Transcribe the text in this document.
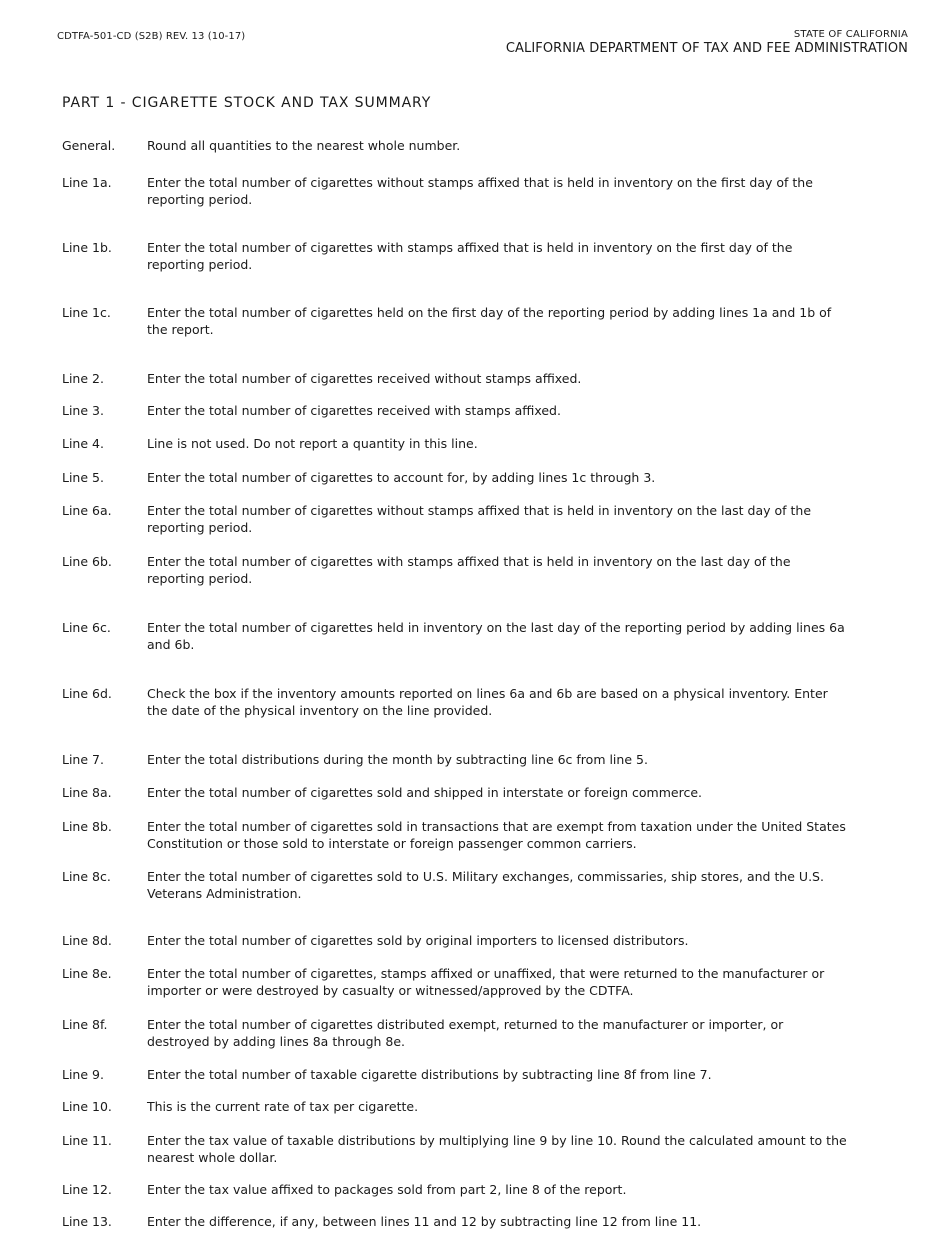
CDTFA-501-CD (S2B) REV. 13 (10-17)	STATE OF CALIFORNIA
CALIFORNIA DEPARTMENT OF TAX AND FEE ADMINISTRATION
PART 1 - CIGARETTE STOCK AND TAX SUMMARY
General.	Round all quantities to the nearest whole number.
Line 1a.	Enter the total number of cigarettes without stamps affixed that is held in inventory on the first day of the reporting period.
Line 1b.	Enter the total number of cigarettes with stamps affixed that is held in inventory on the first day of the reporting period.
Line 1c.	Enter the total number of cigarettes held on the first day of the reporting period by adding lines 1a and 1b of the report.
Line 2.	Enter the total number of cigarettes received without stamps affixed.
Line 3.	Enter the total number of cigarettes received with stamps affixed.
Line 4.	Line is not used. Do not report a quantity in this line.
Line 5.	Enter the total number of cigarettes to account for, by adding lines 1c through 3.
Line 6a.	Enter the total number of cigarettes without stamps affixed that is held in inventory on the last day of the reporting period.
Line 6b.	Enter the total number of cigarettes with stamps affixed that is held in inventory on the last day of the reporting period.
Line 6c.	Enter the total number of cigarettes held in inventory on the last day of the reporting period by adding lines 6a and 6b.
Line 6d.	Check the box if the inventory amounts reported on lines 6a and 6b are based on a physical inventory. Enter the date of the physical inventory on the line provided.
Line 7.	Enter the total distributions during the month by subtracting line 6c from line 5.
Line 8a.	Enter the total number of cigarettes sold and shipped in interstate or foreign commerce.
Line 8b.	Enter the total number of cigarettes sold in transactions that are exempt from taxation under the United States Constitution or those sold to interstate or foreign passenger common carriers.
Line 8c.	Enter the total number of cigarettes sold to U.S. Military exchanges, commissaries, ship stores, and the U.S. Veterans Administration.
Line 8d.	Enter the total number of cigarettes sold by original importers to licensed distributors.
Line 8e.	Enter the total number of cigarettes, stamps affixed or unaffixed, that were returned to the manufacturer or importer or were destroyed by casualty or witnessed/approved by the CDTFA.
Line 8f.	Enter the total number of cigarettes distributed exempt, returned to the manufacturer or importer, or destroyed by adding lines 8a through 8e.
Line 9.	Enter the total number of taxable cigarette distributions by subtracting line 8f from line 7.
Line 10.	This is the current rate of tax per cigarette.
Line 11.	Enter the tax value of taxable distributions by multiplying line 9 by line 10. Round the calculated amount to the nearest whole dollar.
Line 12.	Enter the tax value affixed to packages sold from part 2, line 8 of the report.
Line 13.	Enter the difference, if any, between lines 11 and 12 by subtracting line 12 from line 11.
